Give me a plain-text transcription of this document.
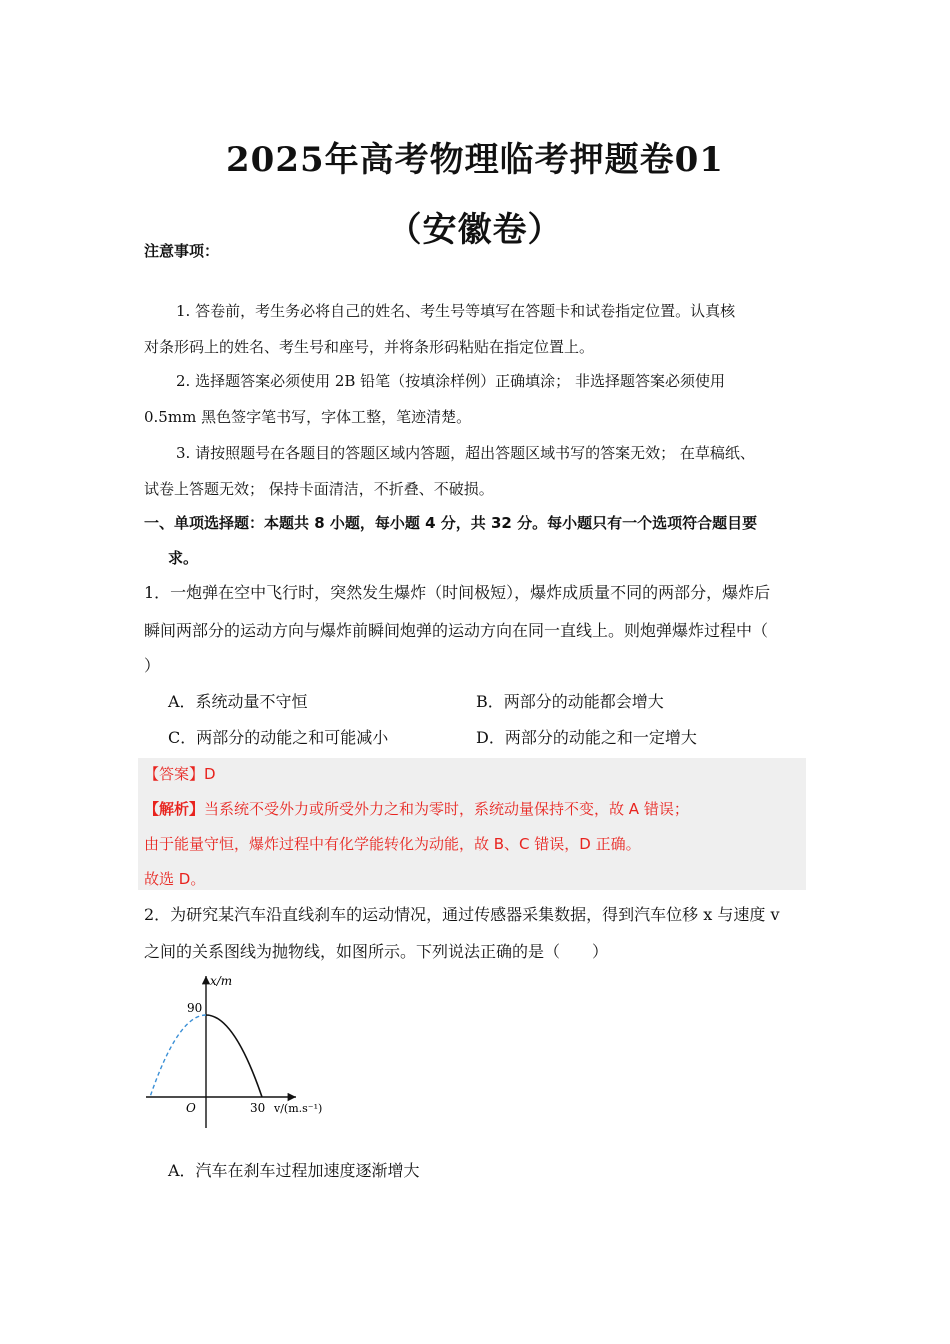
2025年高考物理临考押题卷01
（安徽卷）
注意事项：
1. 答卷前，考生务必将自己的姓名、考生号等填写在答题卡和试卷指定位置。认真核
对条形码上的姓名、考生号和座号，并将条形码粘贴在指定位置上。
2. 选择题答案必须使用 2B 铅笔（按填涂样例）正确填涂； 非选择题答案必须使用
0.5mm 黑色签字笔书写，字体工整，笔迹清楚。
3. 请按照题号在各题目的答题区域内答题，超出答题区域书写的答案无效； 在草稿纸、
试卷上答题无效； 保持卡面清洁，不折叠、不破损。
一、单项选择题：本题共 8 小题，每小题 4 分，共 32 分。每小题只有一个选项符合题目要
求。
1．一炮弹在空中飞行时，突然发生爆炸（时间极短），爆炸成质量不同的两部分，爆炸后
瞬间两部分的运动方向与爆炸前瞬间炮弹的运动方向在同一直线上。则炮弹爆炸过程中（
）
A．系统动量不守恒	B．两部分的动能都会增大
C．两部分的动能之和可能减小	D．两部分的动能之和一定增大
【答案】D
【解析】当系统不受外力或所受外力之和为零时，系统动量保持不变，故 A 错误；
由于能量守恒，爆炸过程中有化学能转化为动能，故 B、C 错误，D 正确。
故选 D。
2．为研究某汽车沿直线刹车的运动情况，通过传感器采集数据，得到汽车位移 x 与速度 v
之间的关系图线为抛物线，如图所示。下列说法正确的是（　　）
x/m
90
O	30 v/(m.s⁻¹)
A．汽车在刹车过程加速度逐渐增大
